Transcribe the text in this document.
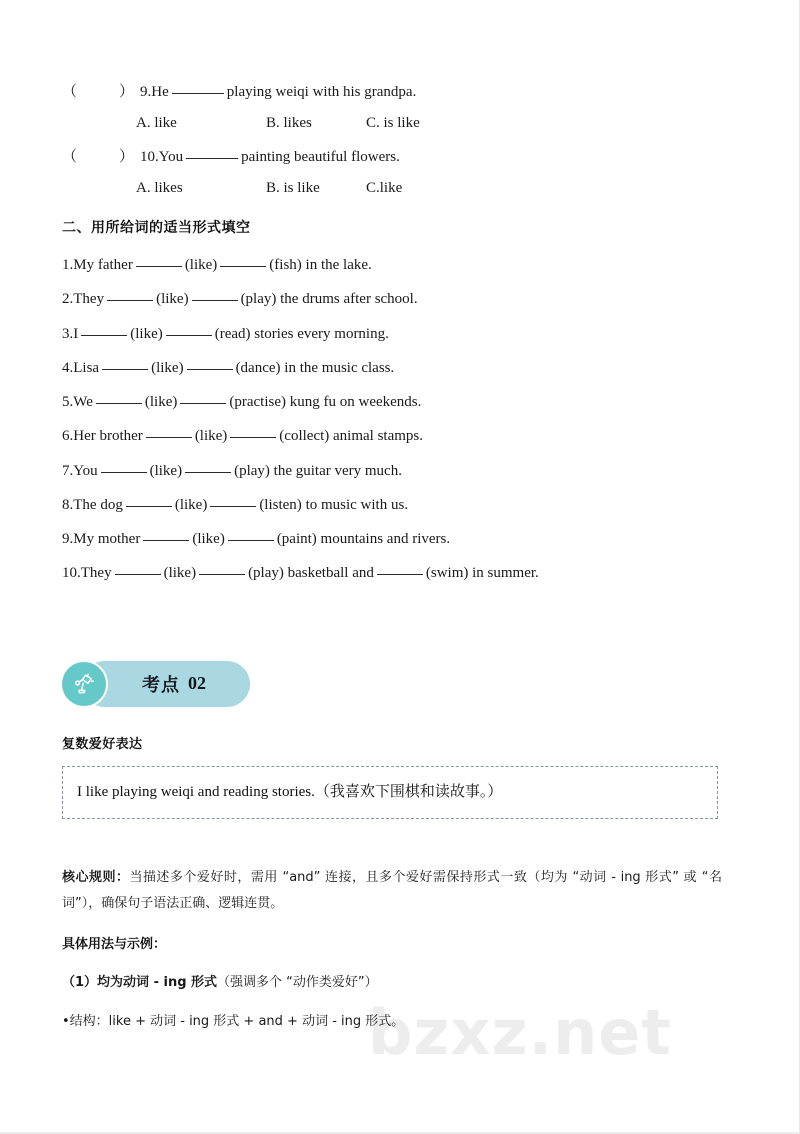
bzxz.net
（	） 9.He	playing weiqi with his grandpa.
A. like	B. likes	C. is like
（	） 10.You	painting beautiful flowers.
A. likes	B. is like	C.like
二、用所给词的适当形式填空
1.My father	(like)	(fish) in the lake.
2.They	(like)	(play) the drums after school.
3.I	(like)	(read) stories every morning.
4.Lisa	(like)	(dance) in the music class.
5.We	(like)	(practise) kung fu on weekends.
6.Her brother	(like)	(collect) animal stamps.
7.You	(like)	(play) the guitar very much.
8.The dog	(like)	(listen) to music with us.
9.My mother	(like)	(paint) mountains and rivers.
10.They	(like)	(play) basketball and	(swim) in summer.
考点 02
复数爱好表达
I like playing weiqi and reading stories.（我喜欢下围棋和读故事。）
核心规则：当描述多个爱好时，需用 “and” 连接，且多个爱好需保持形式一致（均为 “动词 - ing 形式” 或 “名词”），确保句子语法正确、逻辑连贯。
具体用法与示例：
（1）均为动词 - ing 形式（强调多个 “动作类爱好”）
•结构：like + 动词 - ing 形式 + and + 动词 - ing 形式。
